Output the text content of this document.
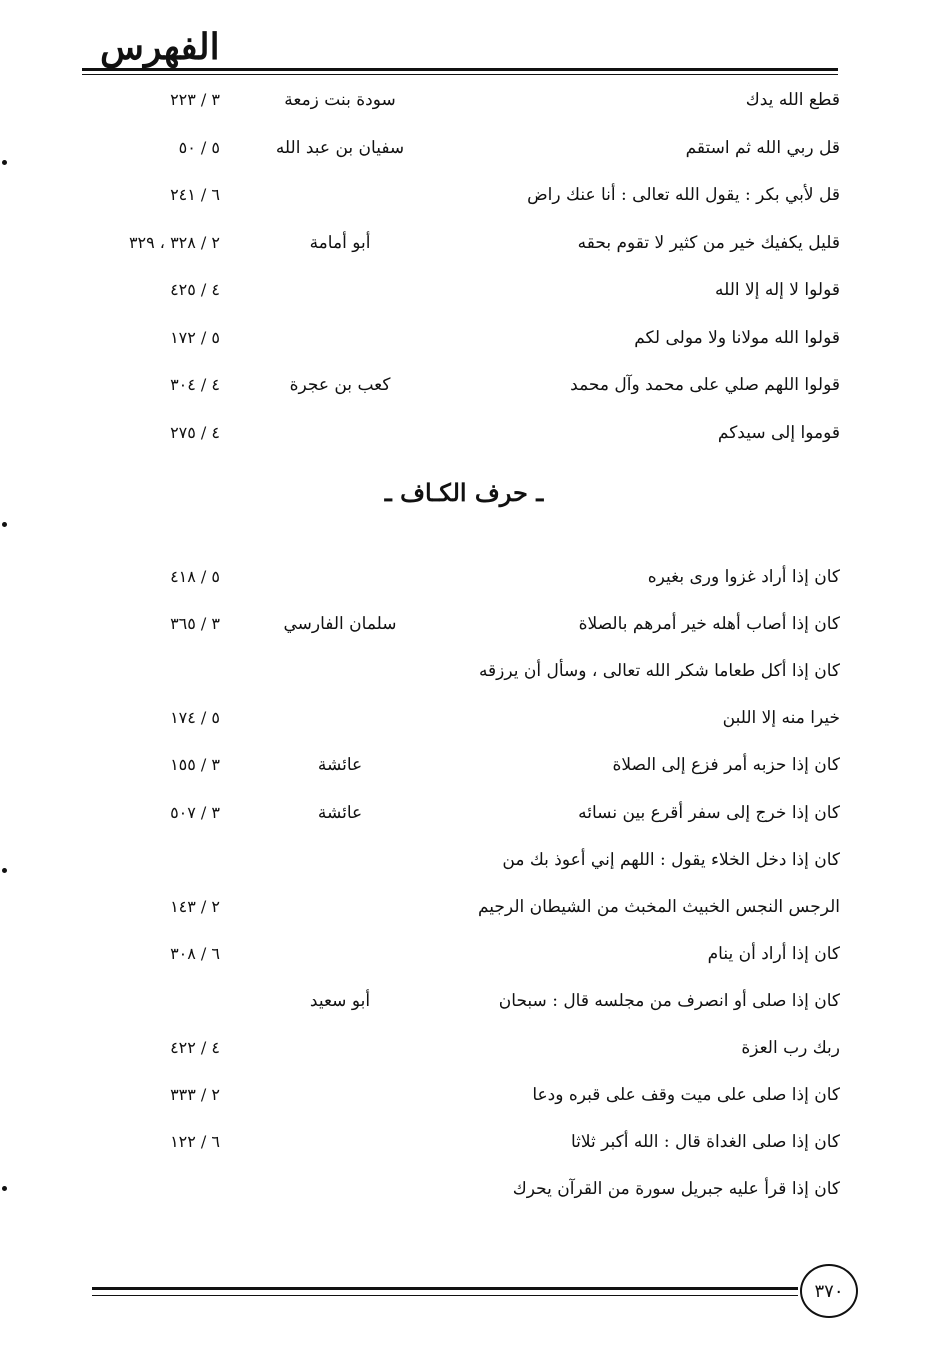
الفهرس
قطع الله يدك
سودة بنت زمعة
٣ / ٢٢٣
قل ربي الله ثم استقم
سفيان بن عبد الله
٥ / ٥٠
قل لأبي بكر : يقول الله تعالى : أنا عنك راض
٦ / ٢٤١
قليل يكفيك خير من كثير لا تقوم بحقه
أبو أمامة
٢ / ٣٢٨ ، ٣٢٩
قولوا لا إله إلا الله
٤ / ٤٢٥
قولوا الله مولانا ولا مولى لكم
٥ / ١٧٢
قولوا اللهم صلي على محمد وآل محمد
كعب بن عجرة
٤ / ٣٠٤
قوموا إلى سيدكم
٤ / ٢٧٥
ـ حرف الكـاف ـ
كان إذا أراد غزوا ورى بغيره
٥ / ٤١٨
كان إذا أصاب أهله خير أمرهم بالصلاة
سلمان الفارسي
٣ / ٣٦٥
كان إذا أكل طعاما شكر الله تعالى ، وسأل أن يرزقه
خيرا منه إلا اللبن
٥ / ١٧٤
كان إذا حزبه أمر فزع إلى الصلاة
عائشة
٣ / ١٥٥
كان إذا خرج إلى سفر أقرع بين نسائه
عائشة
٣ / ٥٠٧
كان إذا دخل الخلاء يقول : اللهم إني أعوذ بك من
الرجس النجس الخبيث المخبث من الشيطان الرجيم
٢ / ١٤٣
كان إذا أراد أن ينام
٦ / ٣٠٨
كان إذا صلى أو انصرف من مجلسه قال : سبحان
أبو سعيد
ربك رب العزة
٤ / ٤٢٢
كان إذا صلى على ميت وقف على قبره ودعا
٢ / ٣٣٣
كان إذا صلى الغداة قال : الله أكبر ثلاثا
٦ / ١٢٢
كان إذا قرأ عليه جبريل سورة من القرآن يحرك
٣٧٠
